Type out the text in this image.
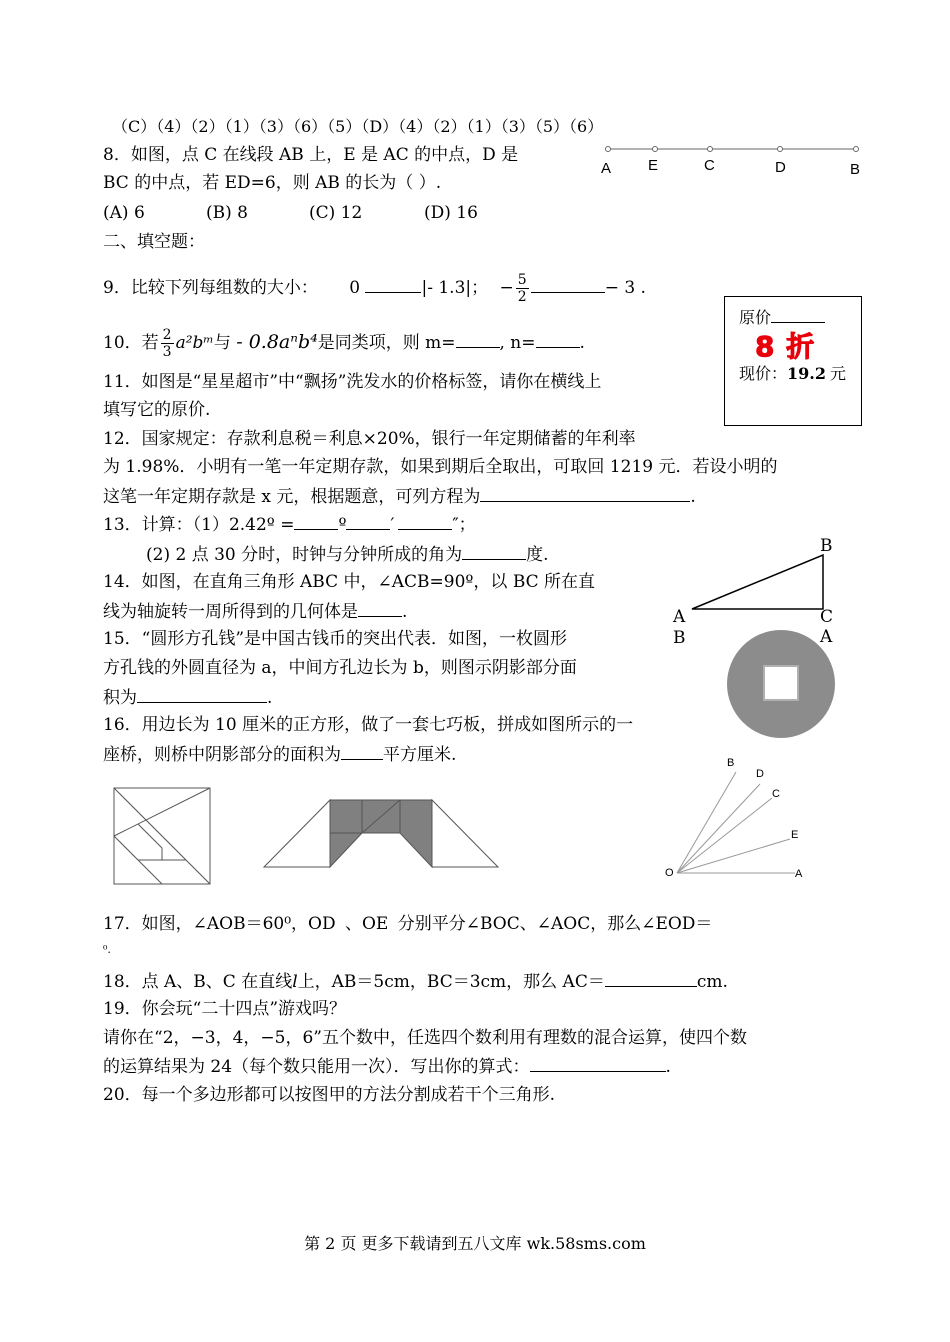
（C）（4）（2）（1）（3）（6）（5）（D）（4）（2）（1）（3）（5）（6）
8．如图，点 C 在线段 AB 上，E 是 AC 的中点，D 是
BC 的中点，若 ED=6，则 AB 的长为（ ）.
(A) 6	(B) 8	(C) 12	(D) 16
A E	C	D	B
二、填空题：
9．比较下列每组数的大小： 0	|- 1.3|； − $\frac{5}{2}$	− 3 .
10．若 $\frac{2}{3}$ a²bᵐ与 - 0.8aⁿb⁴是同类项，则 m=	, n=	.
原价
8 折
现价：19.2 元
11．如图是“星星超市”中“飘扬”洗发水的价格标签，请你在横线上
填写它的原价.
12．国家规定：存款利息税＝利息×20%，银行一年定期储蓄的年利率
为 1.98%．小明有一笔一年定期存款，如果到期后全取出，可取回 1219 元．若设小明的
这笔一年定期存款是 x 元，根据题意，可列方程为	.
13．计算：（1）2.42º =	º	′	″；
(2) 2 点 30 分时，时钟与分钟所成的角为	度.	B
A	C
14．如图，在直角三角形 ABC 中，∠ACB=90º，以 BC 所在直
线为轴旋转一周所得到的几何体是	.
B	A
15．“圆形方孔钱”是中国古钱币的突出代表．如图，一枚圆形
方孔钱的外圆直径为 a，中间方孔边长为 b，则图示阴影部分面
积为	.
16．用边长为 10 厘米的正方形，做了一套七巧板，拼成如图所示的一
座桥，则桥中阴影部分的面积为 平方厘米.	B
D
C
E
O	A
17．如图，∠AOB＝60⁰，OD 、OE 分别平分∠BOC、∠AOC，那么∠EOD＝
⁰.
18．点 A、B、C 在直线l上，AB＝5cm，BC＝3cm，那么 AC＝	cm.
19．你会玩“二十四点”游戏吗？
请你在“2，−3，4，−5，6”五个数中，任选四个数利用有理数的混合运算，使四个数
的运算结果为 24（每个数只能用一次）．写出你的算式：	.
20．每一个多边形都可以按图甲的方法分割成若干个三角形.
第 2 页 更多下载请到五八文库 wk.58sms.com
